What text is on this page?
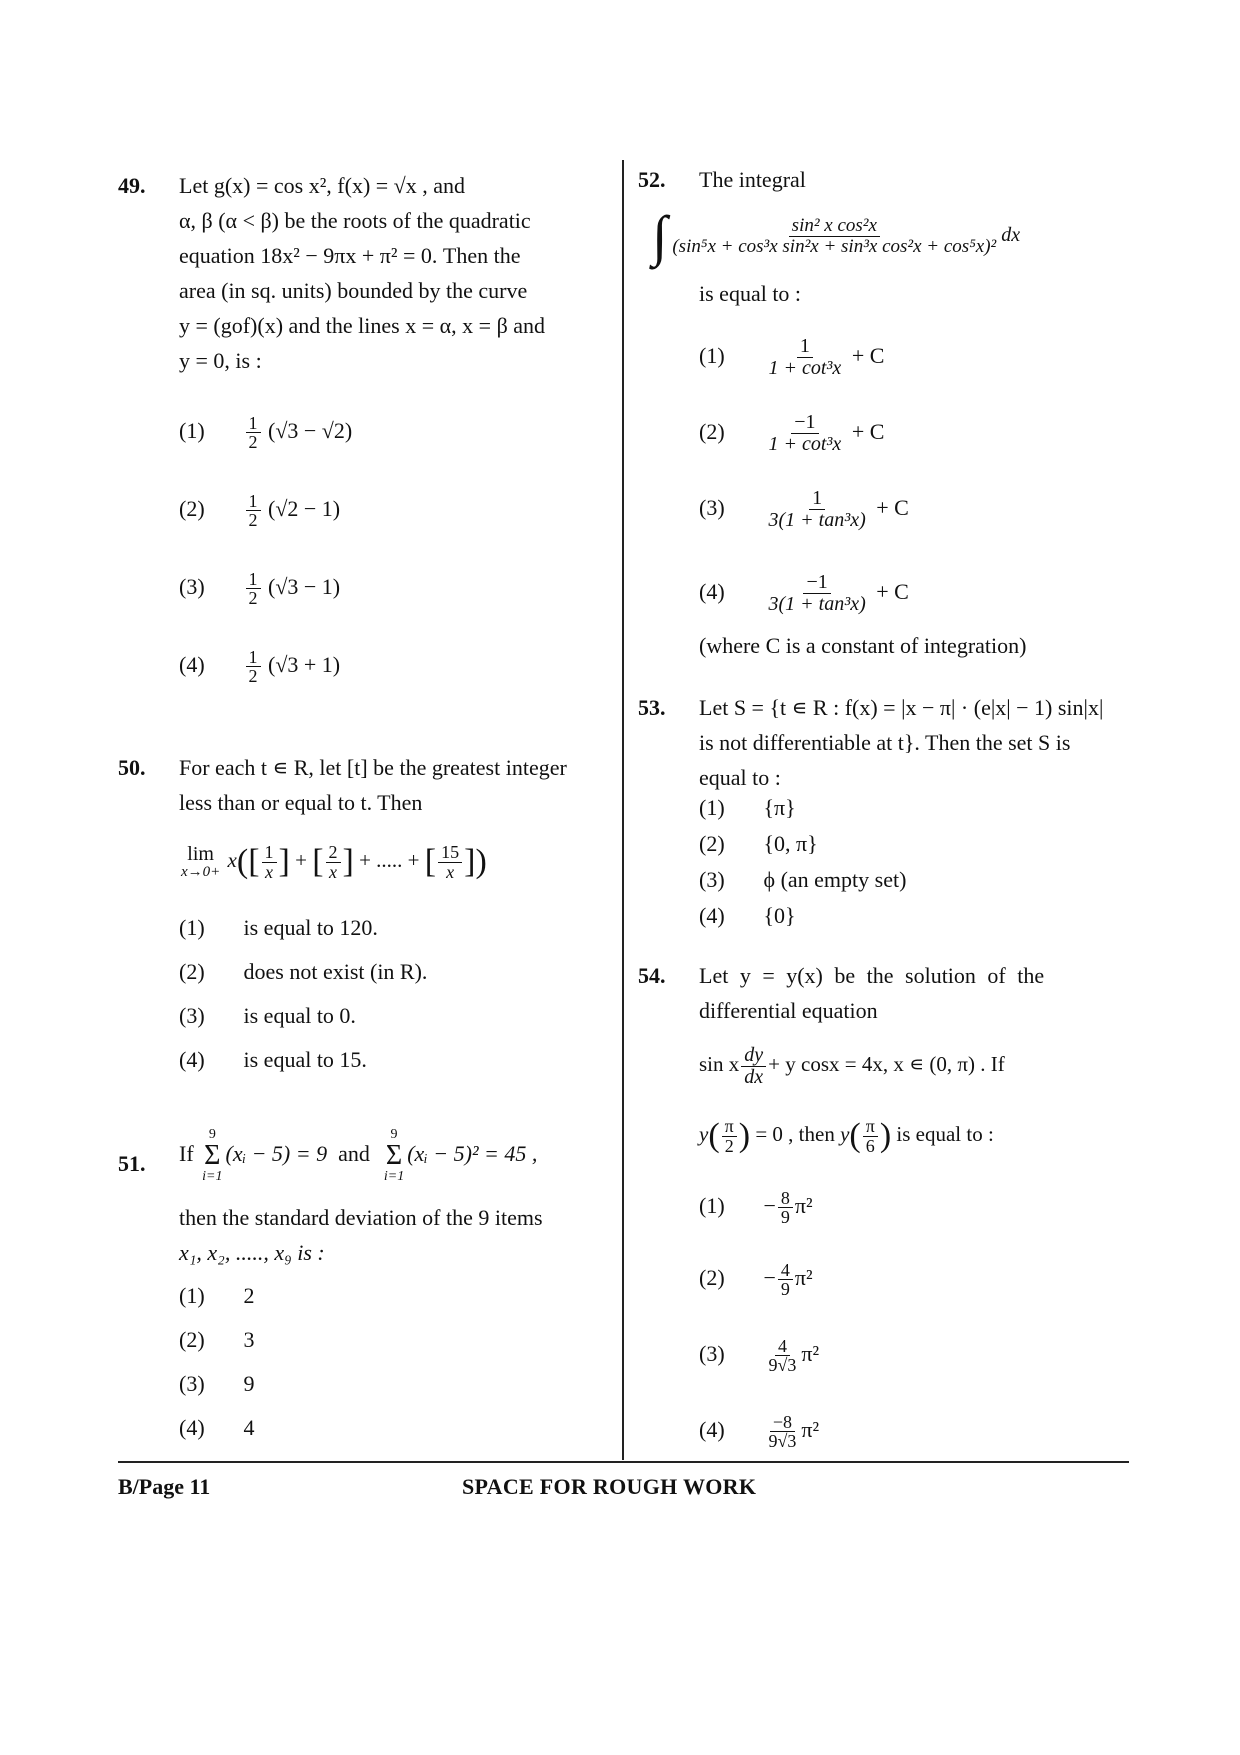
49. Let g(x) = cos x², f(x) = √x , and
α, β (α < β) be the roots of the quadratic
equation 18x² − 9πx + π² = 0. Then the
area (in sq. units) bounded by the curve
y = (gof)(x) and the lines x = α, x = β and
y = 0, is :
$(1) \frac{1}{2} (√3 - √2)$
$(2) \frac{1}{2} (√2 - 1)$
$(3) \frac{1}{2} (√3 - 1)$
$(4) \frac{1}{2} (√3 + 1)$
50. For each t ∊ R, let [t] be the greatest integer
less than or equal to t. Then
lim
$x\to 0+ x([ \frac{1}{x}$ ] + [ $\frac{2}{x}$ ] + ..... + [ $\frac{15}{x}$ ])
(1) is equal to 120.
(2) does not exist (in R).
(3) is equal to 0.
(4) is equal to 15.
51. If
9
Σ
i=1
(xᵢ − 5) = 9 and
9
Σ
i=1
(xᵢ − 5)² = 45 ,
then the standard deviation of the 9 items
x₁, x₂, ....., x₉ is :
(1) 2
(2) 3
(3) 9
(4) 4
52. The integral
∫ $\frac{\text{sin² x cos²x}}{\text{(sin⁵x + cos³x sin²x + sin³x cos²x + cos⁵x)²}}$ dx
is equal to :
$(1) \frac{1}{\text{1 + cot³x}} + C$
$(2) \frac{-1}{\text{1 + cot³x}} + C$
$(3) \frac{1}{\text{3(1 + tan³x)}} + C$
$(4) \frac{-1}{\text{3(1 + tan³x)}} + C$
(where C is a constant of integration)
53. Let S = {t ∊ R : f(x) = |x − π| · (e|x| − 1) sin|x|
is not differentiable at t}. Then the set S is
equal to :
(1) {π}
(2) {0, π}
(3) ϕ (an empty set)
(4) {0}
54. Let y = y(x) be the solution of the
differential equation
sin x $\frac{dy}{dx} + y$ cosx = 4x, x ∊ (0, π) . If
$y( \frac{\pi}{2}$ ) = 0 , then $y( \frac{\pi}{6}$ ) is equal to :
$(1) - \frac{8}{9} \pi^2$
$(2) - \frac{4}{9} \pi^2$
$(3) \frac{4}{9√3} \pi^2$
$(4) \frac{-8}{9√3} \pi^2$
B/Page 11	SPACE FOR ROUGH WORK
